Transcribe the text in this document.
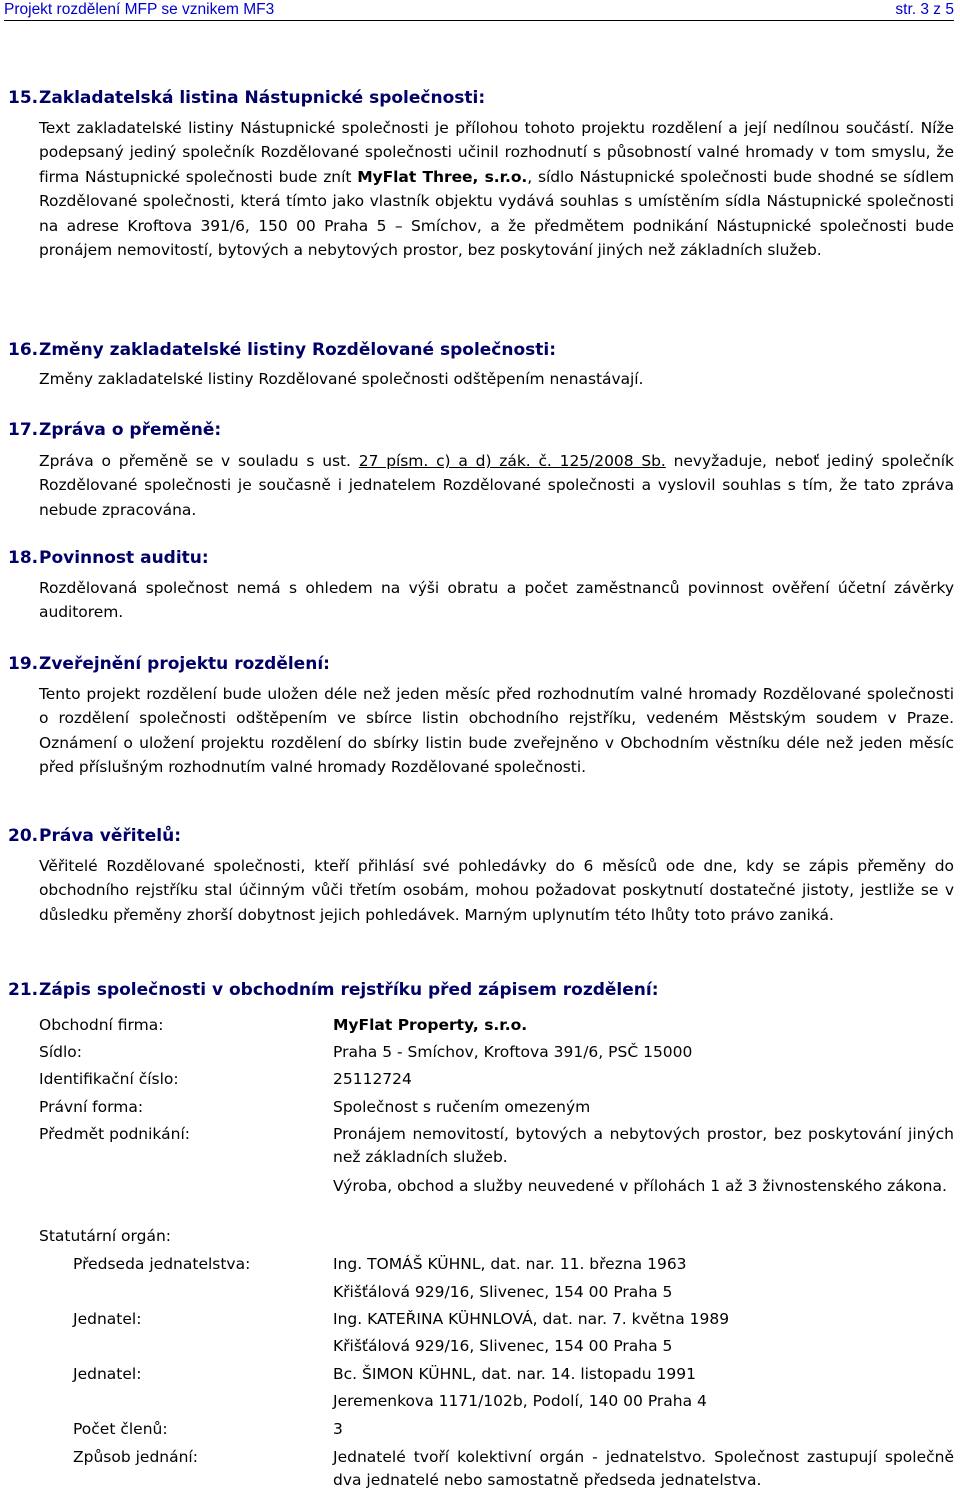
Projekt rozdělení MFP se vznikem MF3	str. 3 z 5
15.Zakladatelská listina Nástupnické společnosti:
Text zakladatelské listiny Nástupnické společnosti je přílohou tohoto projektu rozdělení a její nedílnou součástí. Níže podepsaný jediný společník Rozdělované společnosti učinil rozhodnutí s působností valné hromady v tom smyslu, že firma Nástupnické společnosti bude znít MyFlat Three, s.r.o., sídlo Nástupnické společnosti bude shodné se sídlem Rozdělované společnosti, která tímto jako vlastník objektu vydává souhlas s umístěním sídla Nástupnické společnosti na adrese Kroftova 391/6, 150 00 Praha 5 – Smíchov, a že předmětem podnikání Nástupnické společnosti bude pronájem nemovitostí, bytových a nebytových prostor, bez poskytování jiných než základních služeb.
16.Změny zakladatelské listiny Rozdělované společnosti:
Změny zakladatelské listiny Rozdělované společnosti odštěpením nenastávají.
17.Zpráva o přeměně:
Zpráva o přeměně se v souladu s ust. 27 písm. c) a d) zák. č. 125/2008 Sb. nevyžaduje, neboť jediný společník Rozdělované společnosti je současně i jednatelem Rozdělované společnosti a vyslovil souhlas s tím, že tato zpráva nebude zpracována.
18.Povinnost auditu:
Rozdělovaná společnost nemá s ohledem na výši obratu a počet zaměstnanců povinnost ověření účetní závěrky auditorem.
19.Zveřejnění projektu rozdělení:
Tento projekt rozdělení bude uložen déle než jeden měsíc před rozhodnutím valné hromady Rozdělované společnosti o rozdělení společnosti odštěpením ve sbírce listin obchodního rejstříku, vedeném Městským soudem v Praze. Oznámení o uložení projektu rozdělení do sbírky listin bude zveřejněno v Obchodním věstníku déle než jeden měsíc před příslušným rozhodnutím valné hromady Rozdělované společnosti.
20.Práva věřitelů:
Věřitelé Rozdělované společnosti, kteří přihlásí své pohledávky do 6 měsíců ode dne, kdy se zápis přeměny do obchodního rejstříku stal účinným vůči třetím osobám, mohou požadovat poskytnutí dostatečné jistoty, jestliže se v důsledku přeměny zhorší dobytnost jejich pohledávek. Marným uplynutím této lhůty toto právo zaniká.
21.Zápis společnosti v obchodním rejstříku před zápisem rozdělení:
Obchodní firma:	MyFlat Property, s.r.o.
Sídlo:	Praha 5 - Smíchov, Kroftova 391/6, PSČ 15000
Identifikační číslo:	25112724
Právní forma:	Společnost s ručením omezeným
Předmět podnikání:	Pronájem nemovitostí, bytových a nebytových prostor, bez poskytování jiných než základních služeb.
Výroba, obchod a služby neuvedené v přílohách 1 až 3 živnostenského zákona.
Statutární orgán:
Předseda jednatelstva:	Ing. TOMÁŠ KÜHNL, dat. nar. 11. března 1963
Křišťálová 929/16, Slivenec, 154 00 Praha 5
Jednatel:	Ing. KATEŘINA KÜHNLOVÁ, dat. nar. 7. května 1989
Křišťálová 929/16, Slivenec, 154 00 Praha 5
Jednatel:	Bc. ŠIMON KÜHNL, dat. nar. 14. listopadu 1991
Jeremenkova 1171/102b, Podolí, 140 00 Praha 4
Počet členů:	3
Způsob jednání:	Jednatelé tvoří kolektivní orgán - jednatelstvo. Společnost zastupují společně dva jednatelé nebo samostatně předseda jednatelstva.
